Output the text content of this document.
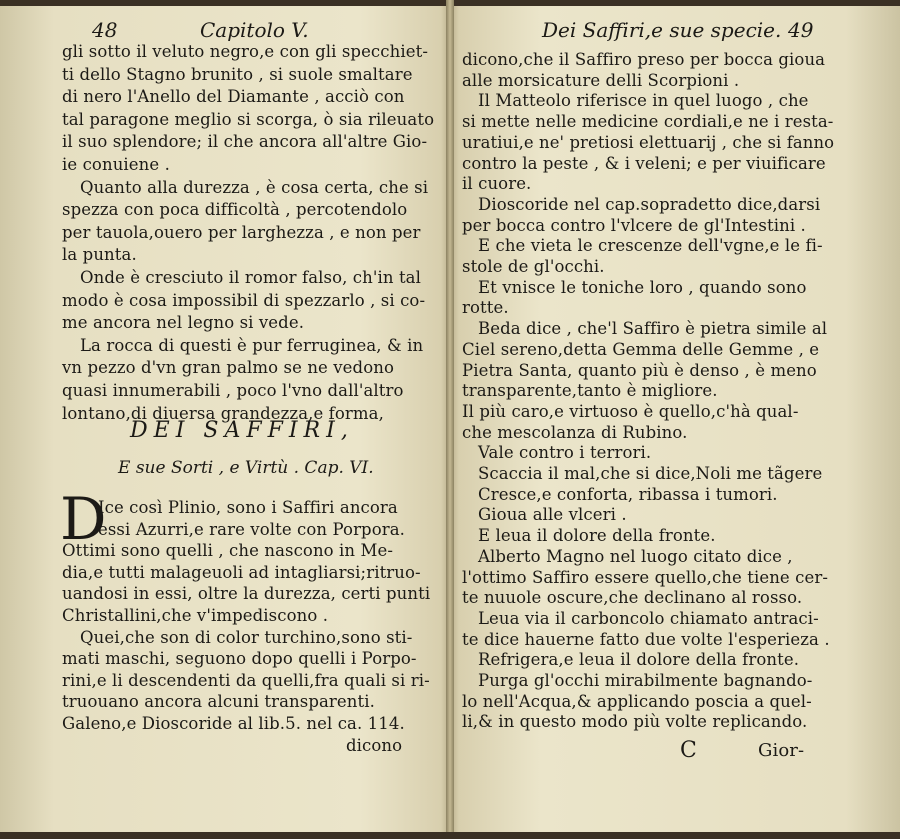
48	Capitolo V.
gli sotto il veluto negro,e con gli specchiet-
ti dello Stagno brunito , si suole smaltare
di nero l'Anello del Diamante , acciò con
tal paragone meglio si scorga, ò sia rileuato
il suo splendore; il che ancora all'altre Gio-
ie conuiene .
Quanto alla durezza , è cosa certa, che si
spezza con poca difficoltà , percotendolo
per tauola,ouero per larghezza , e non per
la punta.
Onde è cresciuto il romor falso, ch'in tal
modo è cosa impossibil di spezzarlo , si co-
me ancora nel legno si vede.
La rocca di questi è pur ferruginea, & in
vn pezzo d'vn gran palmo se ne vedono
quasi innumerabili , poco l'vno dall'altro
lontano,di diuersa grandezza,e forma,
DEI SAFFIRI,
E sue Sorti , e Virtù . Cap. VI.
D
Ice così Plinio, sono i Saffiri ancora
essi Azurri,e rare volte con Porpora.
Ottimi sono quelli , che nascono in Me-
dia,e tutti malageuoli ad intagliarsi;ritruo-
uandosi in essi, oltre la durezza, certi punti
Christallini,che v'impediscono .
Quei,che son di color turchino,sono sti-
mati maschi, seguono dopo quelli i Porpo-
rini,e li descendenti da quelli,fra quali si ri-
truouano ancora alcuni transparenti.
Galeno,e Dioscoride al lib.5. nel ca. 114.
dicono
Dei Saffiri,e sue specie. 49
dicono,che il Saffiro preso per bocca gioua
alle morsicature delli Scorpioni .
Il Matteolo riferisce in quel luogo , che
si mette nelle medicine cordiali,e ne i resta-
uratiui,e ne' pretiosi elettuarij , che si fanno
contro la peste , & i veleni; e per viuificare
il cuore.
Dioscoride nel cap.sopradetto dice,darsi
per bocca contro l'vlcere de gl'Intestini .
E che vieta le crescenze dell'vgne,e le fi-
stole de gl'occhi.
Et vnisce le toniche loro , quando sono
rotte.
Beda dice , che'l Saffiro è pietra simile al
Ciel sereno,detta Gemma delle Gemme , e
Pietra Santa, quanto più è denso , è meno
transparente,tanto è migliore.
Il più caro,e virtuoso è quello,c'hà qual-
che mescolanza di Rubino.
Vale contro i terrori.
Scaccia il mal,che si dice,Noli me tãgere
Cresce,e conforta, ribassa i tumori.
Gioua alle vlceri .
E leua il dolore della fronte.
Alberto Magno nel luogo citato dice ,
l'ottimo Saffiro essere quello,che tiene cer-
te nuuole oscure,che declinano al rosso.
Leua via il carboncolo chiamato antraci-
te dice hauerne fatto due volte l'esperieza .
Refrigera,e leua il dolore della fronte.
Purga gl'occhi mirabilmente bagnando-
lo nell'Acqua,& applicando poscia a quel-
li,& in questo modo più volte replicando.
C	Gior-
